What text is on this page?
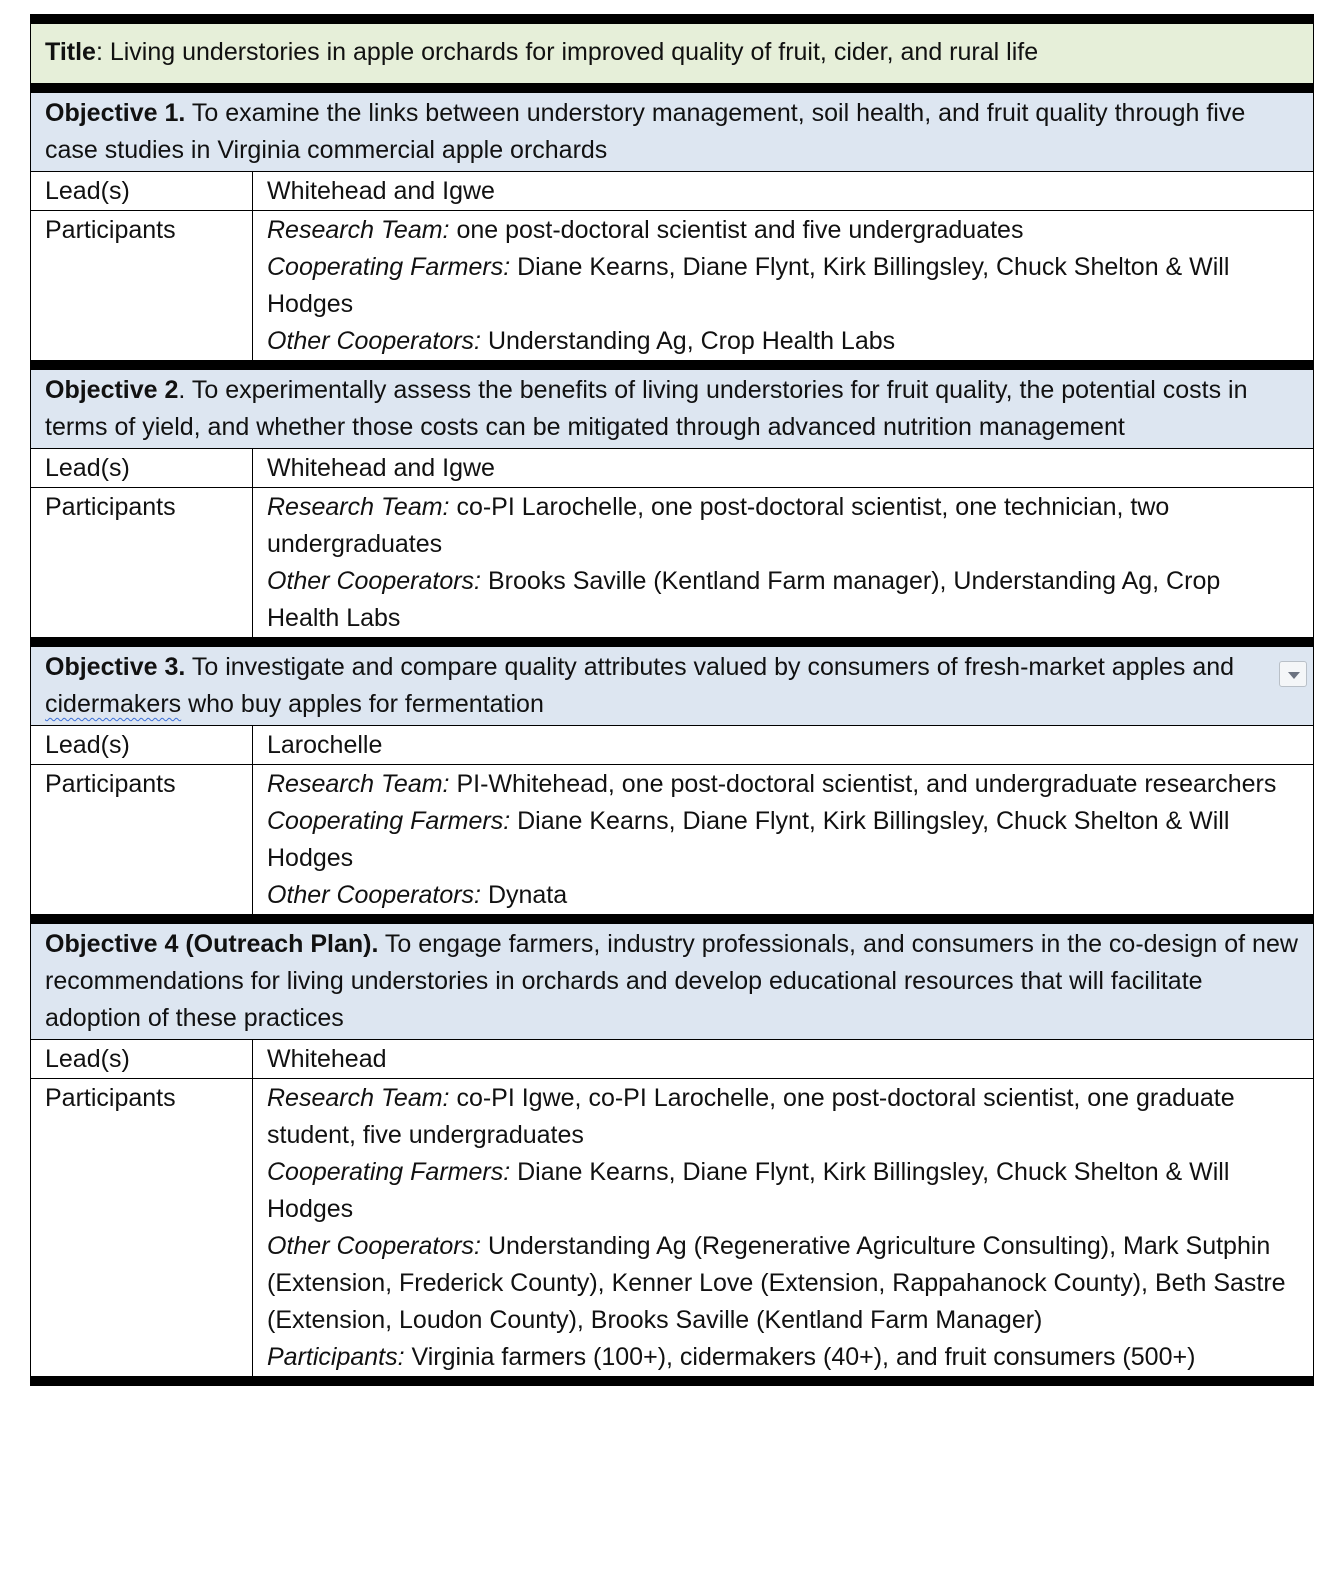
Title: Living understories in apple orchards for improved quality of fruit, cider, and rural life	
Objective 1. To examine the links between understory management, soil health, and fruit quality through five case studies in Virginia commercial apple orchards	
Lead(s)	Whitehead and Igwe
Participants	Research Team: one post-doctoral scientist and five undergraduates
Cooperating Farmers: Diane Kearns, Diane Flynt, Kirk Billingsley, Chuck Shelton & Will Hodges
Other Cooperators: Understanding Ag, Crop Health Labs

Objective 2. To experimentally assess the benefits of living understories for fruit quality, the potential costs in terms of yield, and whether those costs can be mitigated through advanced nutrition management	
Lead(s)	Whitehead and Igwe
Participants	Research Team: co-PI Larochelle, one post-doctoral scientist, one technician, two undergraduates
Other Cooperators: Brooks Saville (Kentland Farm manager), Understanding Ag, Crop Health Labs

Objective 3. To investigate and compare quality attributes valued by consumers of fresh-market apples and cidermakers who buy apples for fermentation	

Lead(s)	Larochelle
Participants	Research Team: PI-Whitehead, one post-doctoral scientist, and undergraduate researchers
Cooperating Farmers: Diane Kearns, Diane Flynt, Kirk Billingsley, Chuck Shelton & Will Hodges
Other Cooperators: Dynata

Objective 4 (Outreach Plan). To engage farmers, industry professionals, and consumers in the co-design of new recommendations for living understories in orchards and develop educational resources that will facilitate adoption of these practices	
Lead(s)	Whitehead
Participants	Research Team: co-PI Igwe, co-PI Larochelle, one post-doctoral scientist, one graduate student, five undergraduates
Cooperating Farmers: Diane Kearns, Diane Flynt, Kirk Billingsley, Chuck Shelton & Will Hodges
Other Cooperators: Understanding Ag (Regenerative Agriculture Consulting), Mark Sutphin (Extension, Frederick County), Kenner Love (Extension, Rappahanock County), Beth Sastre (Extension, Loudon County), Brooks Saville (Kentland Farm Manager)
Participants: Virginia farmers (100+), cidermakers (40+), and fruit consumers (500+)
